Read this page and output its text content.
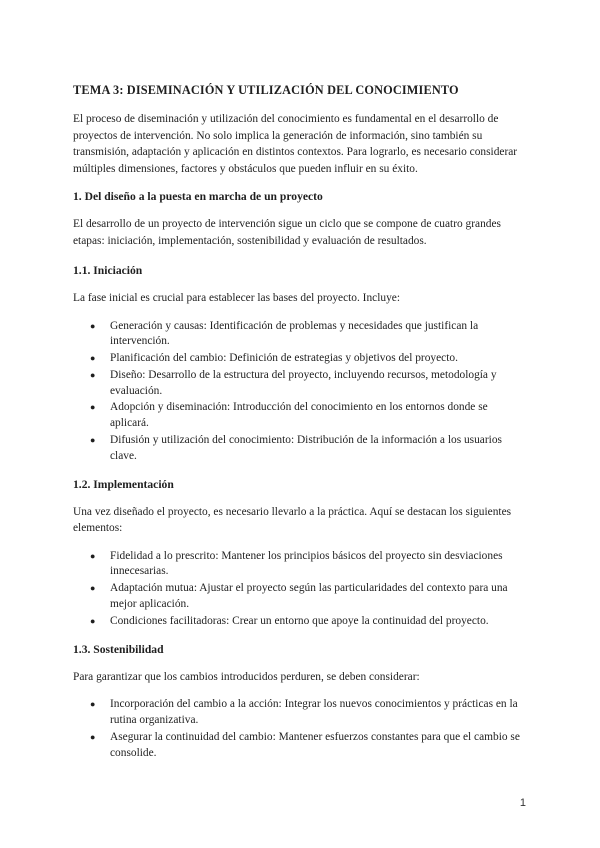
TEMA 3: DISEMINACIÓN Y UTILIZACIÓN DEL CONOCIMIENTO

El proceso de diseminación y utilización del conocimiento es fundamental en el desarrollo de proyectos de intervención. No solo implica la generación de información, sino también su transmisión, adaptación y aplicación en distintos contextos. Para lograrlo, es necesario considerar múltiples dimensiones, factores y obstáculos que pueden influir en su éxito.

1. Del diseño a la puesta en marcha de un proyecto

El desarrollo de un proyecto de intervención sigue un ciclo que se compone de cuatro grandes etapas: iniciación, implementación, sostenibilidad y evaluación de resultados.

1.1. Iniciación

La fase inicial es crucial para establecer las bases del proyecto. Incluye:

● Generación y causas: Identificación de problemas y necesidades que justifican la intervención.
● Planificación del cambio: Definición de estrategias y objetivos del proyecto.
● Diseño: Desarrollo de la estructura del proyecto, incluyendo recursos, metodología y evaluación.
● Adopción y diseminación: Introducción del conocimiento en los entornos donde se aplicará.
● Difusión y utilización del conocimiento: Distribución de la información a los usuarios clave.
1.2. Implementación

Una vez diseñado el proyecto, es necesario llevarlo a la práctica. Aquí se destacan los siguientes elementos:

● Fidelidad a lo prescrito: Mantener los principios básicos del proyecto sin desviaciones innecesarias.
● Adaptación mutua: Ajustar el proyecto según las particularidades del contexto para una mejor aplicación.
● Condiciones facilitadoras: Crear un entorno que apoye la continuidad del proyecto.
1.3. Sostenibilidad

Para garantizar que los cambios introducidos perduren, se deben considerar:

● Incorporación del cambio a la acción: Integrar los nuevos conocimientos y prácticas en la rutina organizativa.
● Asegurar la continuidad del cambio: Mantener esfuerzos constantes para que el cambio se consolide.
1
